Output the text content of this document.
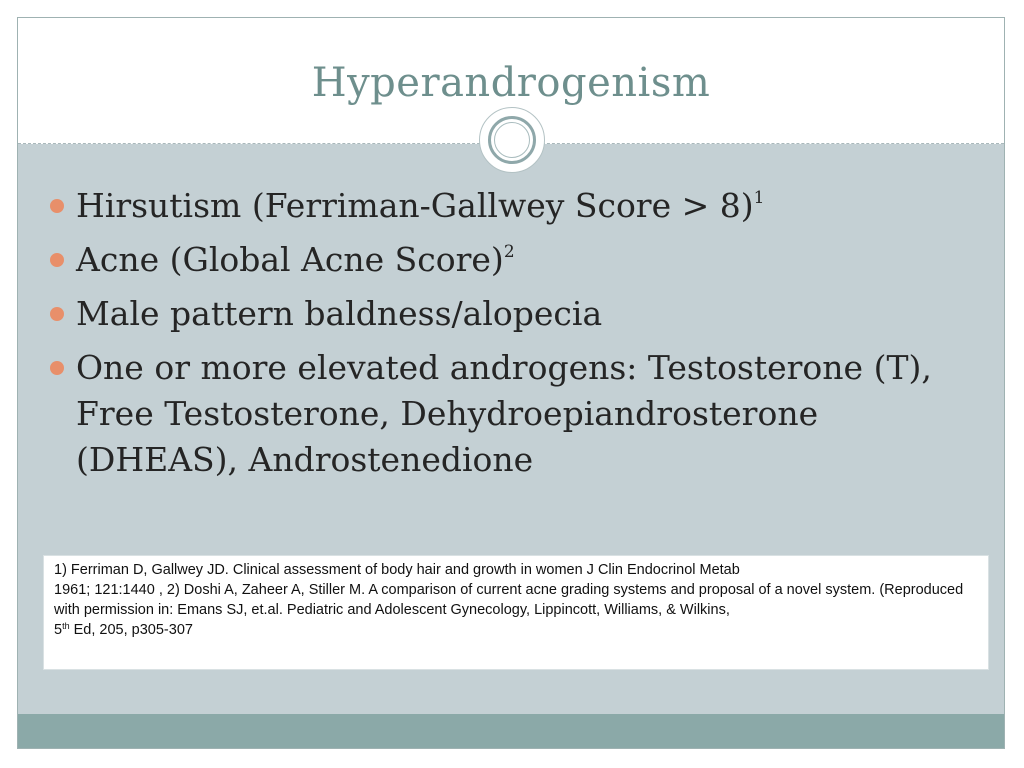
Hyperandrogenism
Hirsutism (Ferriman-Gallwey Score > 8)$^1$
Acne (Global Acne Score)$^2$
Male pattern baldness/alopecia
One or more elevated androgens: Testosterone (T), Free Testosterone, Dehydroepiandrosterone (DHEAS), Androstenedione
1) Ferriman D, Gallwey JD. Clinical assessment of body hair and growth in women J Clin Endocrinol Metab
1961; 121:1440 , 2) Doshi A, Zaheer A, Stiller M. A comparison of current acne grading systems and proposal of a novel system. (Reproduced with permission in: Emans SJ, et.al. Pediatric and Adolescent Gynecology, Lippincott, Williams, & Wilkins,
5th Ed, 205, p305-307
